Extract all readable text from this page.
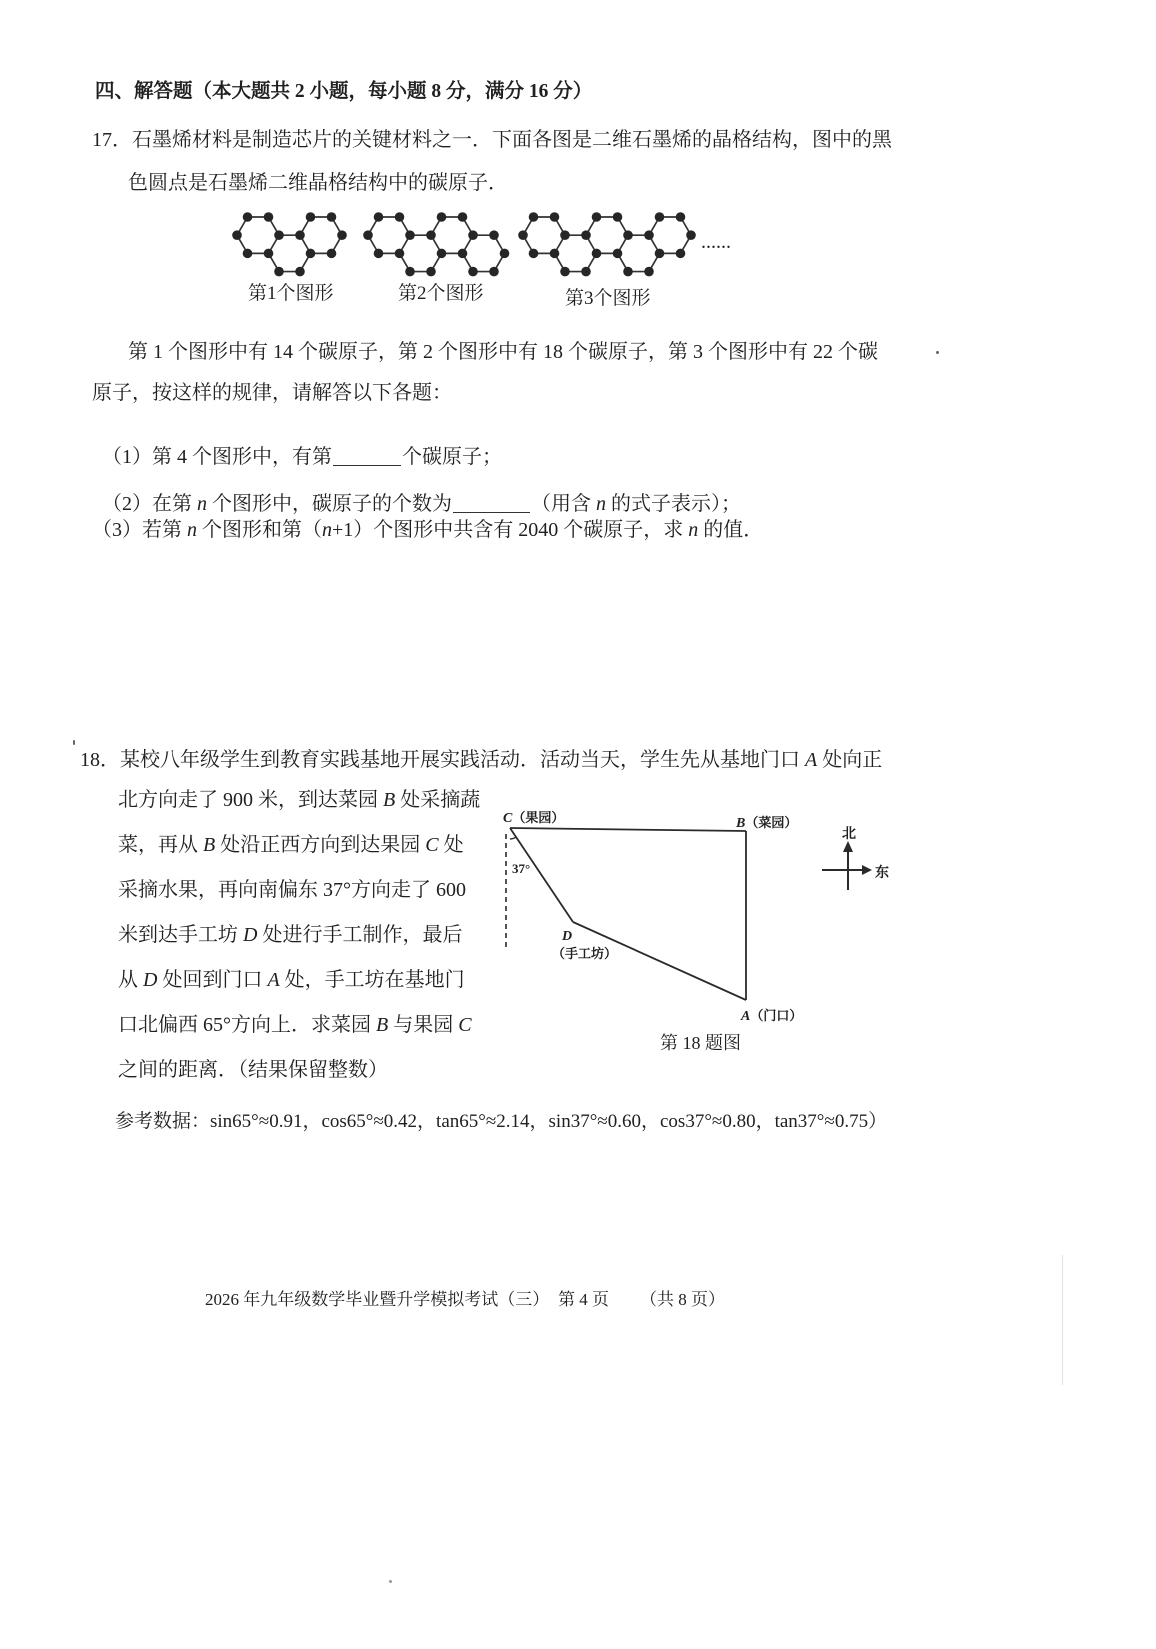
四、解答题（本大题共 2 小题，每小题 8 分，满分 16 分）
17．石墨烯材料是制造芯片的关键材料之一．下面各图是二维石墨烯的晶格结构，图中的黑
色圆点是石墨烯二维晶格结构中的碳原子．
......
第1个图形	第2个图形	第3个图形
第 1 个图形中有 14 个碳原子，第 2 个图形中有 18 个碳原子，第 3 个图形中有 22 个碳
原子，按这样的规律，请解答以下各题：

（1）第 4 个图形中，有第	个碳原子；

（2）在第 n 个图形中，碳原子的个数为	（用含 n 的式子表示）；

（3）若第 n 个图形和第（n+1）个图形中共含有 2040 个碳原子，求 n 的值．
18．某校八年级学生到教育实践基地开展实践活动．活动当天，学生先从基地门口 A 处向正
北方向走了 900 米，到达菜园 B 处采摘蔬
菜，再从 B 处沿正西方向到达果园 C 处
采摘水果，再向南偏东 37°方向走了 600
米到达手工坊 D 处进行手工制作，最后
从 D 处回到门口 A 处，手工坊在基地门
口北偏西 65°方向上．求菜园 B 与果园 C
之间的距离．（结果保留整数）
C（果园）	B（菜园）
37°
D
（手工坊）
A（门口）
北
东
第 18 题图
参考数据：sin65°≈0.91，cos65°≈0.42，tan65°≈2.14，sin37°≈0.60，cos37°≈0.80，tan37°≈0.75）
2026 年九年级数学毕业暨升学模拟考试（三） 第 4 页 （共 8 页）
